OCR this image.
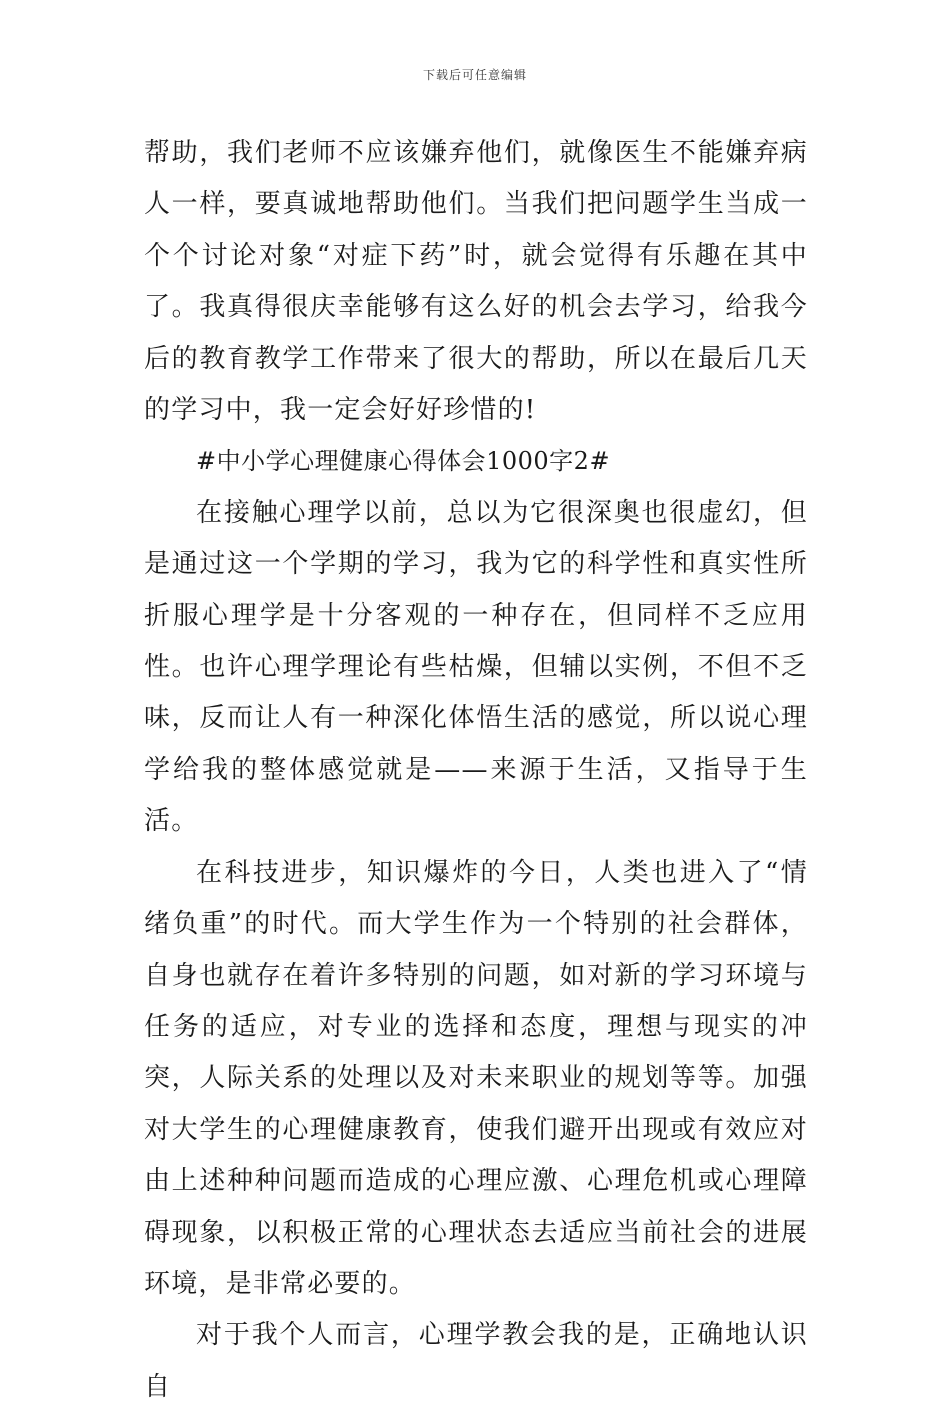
下载后可任意编辑

帮助，我们老师不应该嫌弃他们，就像医生不能嫌弃病人一样，要真诚地帮助他们。当我们把问题学生当成一个个讨论对象“对症下药”时，就会觉得有乐趣在其中了。我真得很庆幸能够有这么好的机会去学习，给我今后的教育教学工作带来了很大的帮助，所以在最后几天的学习中，我一定会好好珍惜的!

#中小学心理健康心得体会1000字2#

在接触心理学以前，总以为它很深奥也很虚幻，但是通过这一个学期的学习，我为它的科学性和真实性所折服心理学是十分客观的一种存在，但同样不乏应用性。也许心理学理论有些枯燥，但辅以实例，不但不乏味，反而让人有一种深化体悟生活的感觉，所以说心理学给我的整体感觉就是——来源于生活，又指导于生活。

在科技进步，知识爆炸的今日，人类也进入了“情绪负重”的时代。而大学生作为一个特别的社会群体，自身也就存在着许多特别的问题，如对新的学习环境与任务的适应，对专业的选择和态度，理想与现实的冲突，人际关系的处理以及对未来职业的规划等等。加强对大学生的心理健康教育，使我们避开出现或有效应对由上述种种问题而造成的心理应激、心理危机或心理障碍现象，以积极正常的心理状态去适应当前社会的进展环境，是非常必要的。

对于我个人而言，心理学教会我的是，正确地认识自
